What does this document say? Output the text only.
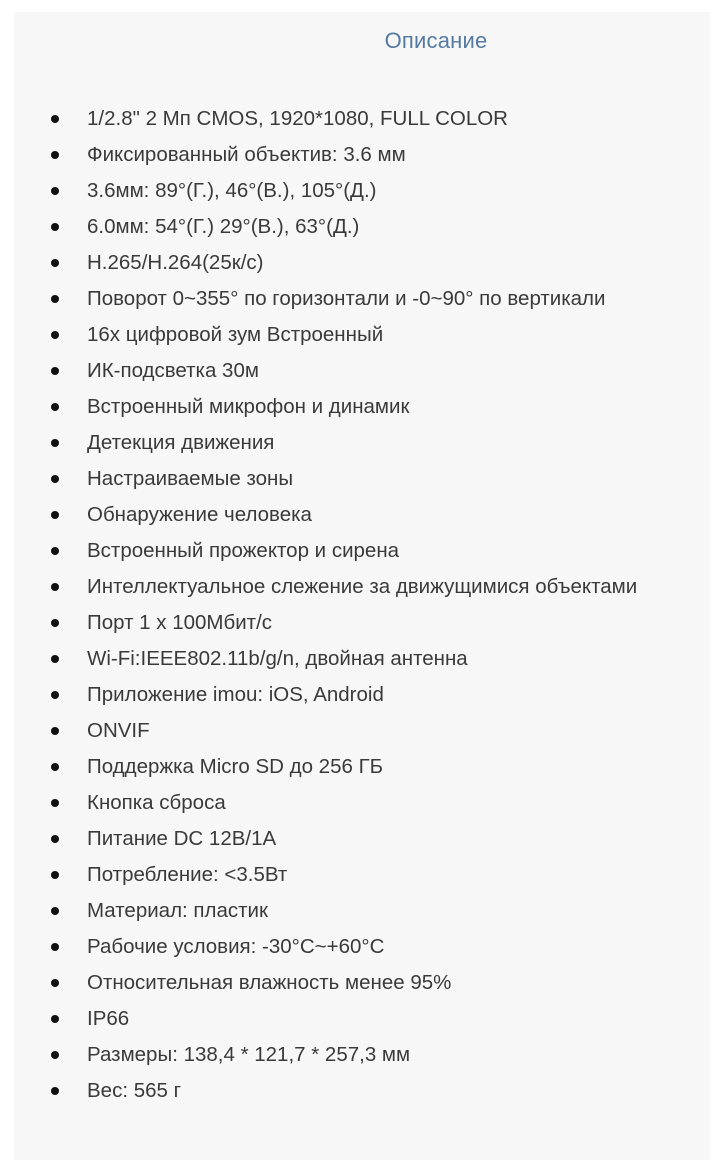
Описание
1/2.8" 2 Мп CMOS, 1920*1080, FULL COLOR
Фиксированный объектив: 3.6 мм
3.6мм: 89°(Г.), 46°(В.), 105°(Д.)
6.0мм: 54°(Г.) 29°(В.), 63°(Д.)
H.265/H.264(25к/с)
Поворот 0~355° по горизонтали и -0~90° по вертикали
16x цифровой зум Встроенный
ИК-подсветка 30м
Встроенный микрофон и динамик
Детекция движения
Настраиваемые зоны
Обнаружение человека
Встроенный прожектор и сирена
Интеллектуальное слежение за движущимися объектами
Порт 1 x 100Мбит/с
Wi-Fi:IEEE802.11b/g/n, двойная антенна
Приложение imou: iOS, Android
ONVIF
Поддержка Micro SD до 256 ГБ
Кнопка сброса
Питание DC 12В/1А
Потребление: <3.5Вт
Материал: пластик
Рабочие условия: -30°C~+60°C
Относительная влажность менее 95%
IP66
Размеры: 138,4 * 121,7 * 257,3 мм
Вес: 565 г
